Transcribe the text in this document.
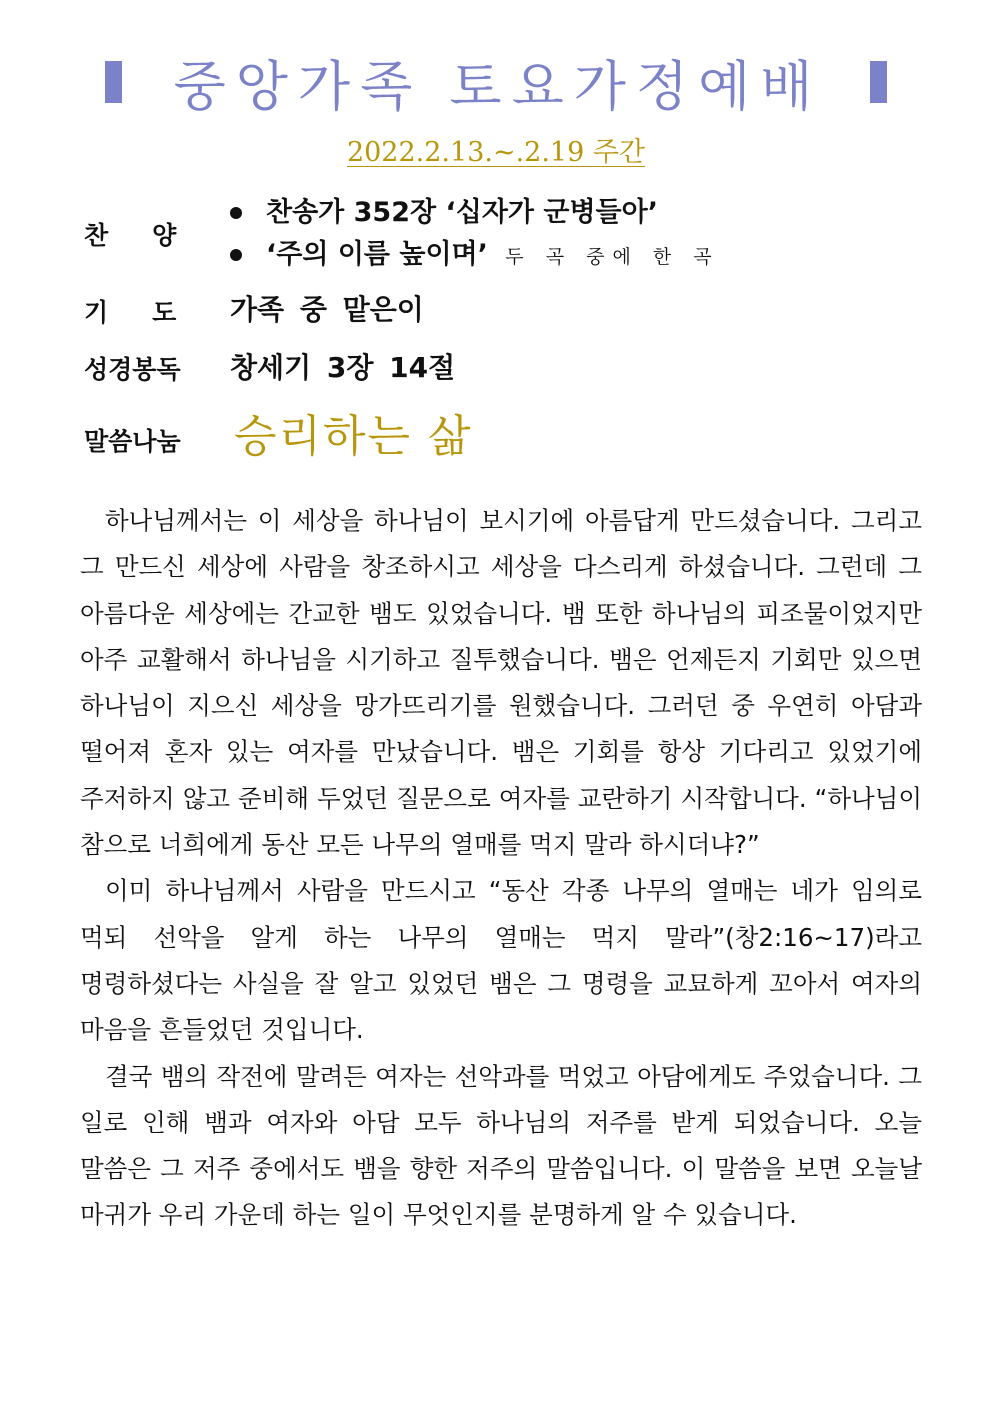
중앙가족 토요가정예배
2022.2.13.~.2.19 주간
찬양
찬송가 352장 ‘십자가 군병들아’
‘주의 이름 높이며’ 두 곡 중에 한 곡
기도 가족 중 맡은이
성경봉독 창세기 3장 14절
말씀나눔 승리하는 삶

하나님께서는 이 세상을 하나님이 보시기에 아름답게 만드셨습니다. 그리고 그 만드신 세상에 사람을 창조하시고 세상을 다스리게 하셨습니다. 그런데 그 아름다운 세상에는 간교한 뱀도 있었습니다. 뱀 또한 하나님의 피조물이었지만 아주 교활해서 하나님을 시기하고 질투했습니다. 뱀은 언제든지 기회만 있으면 하나님이 지으신 세상을 망가뜨리기를 원했습니다. 그러던 중 우연히 아담과 떨어져 혼자 있는 여자를 만났습니다. 뱀은 기회를 항상 기다리고 있었기에 주저하지 않고 준비해 두었던 질문으로 여자를 교란하기 시작합니다. “하나님이 참으로 너희에게 동산 모든 나무의 열매를 먹지 말라 하시더냐?”

이미 하나님께서 사람을 만드시고 “동산 각종 나무의 열매는 네가 임의로 먹되 선악을 알게 하는 나무의 열매는 먹지 말라”(창2:16~17)라고 명령하셨다는 사실을 잘 알고 있었던 뱀은 그 명령을 교묘하게 꼬아서 여자의 마음을 흔들었던 것입니다.

결국 뱀의 작전에 말려든 여자는 선악과를 먹었고 아담에게도 주었습니다. 그 일로 인해 뱀과 여자와 아담 모두 하나님의 저주를 받게 되었습니다. 오늘 말씀은 그 저주 중에서도 뱀을 향한 저주의 말씀입니다. 이 말씀을 보면 오늘날 마귀가 우리 가운데 하는 일이 무엇인지를 분명하게 알 수 있습니다.
